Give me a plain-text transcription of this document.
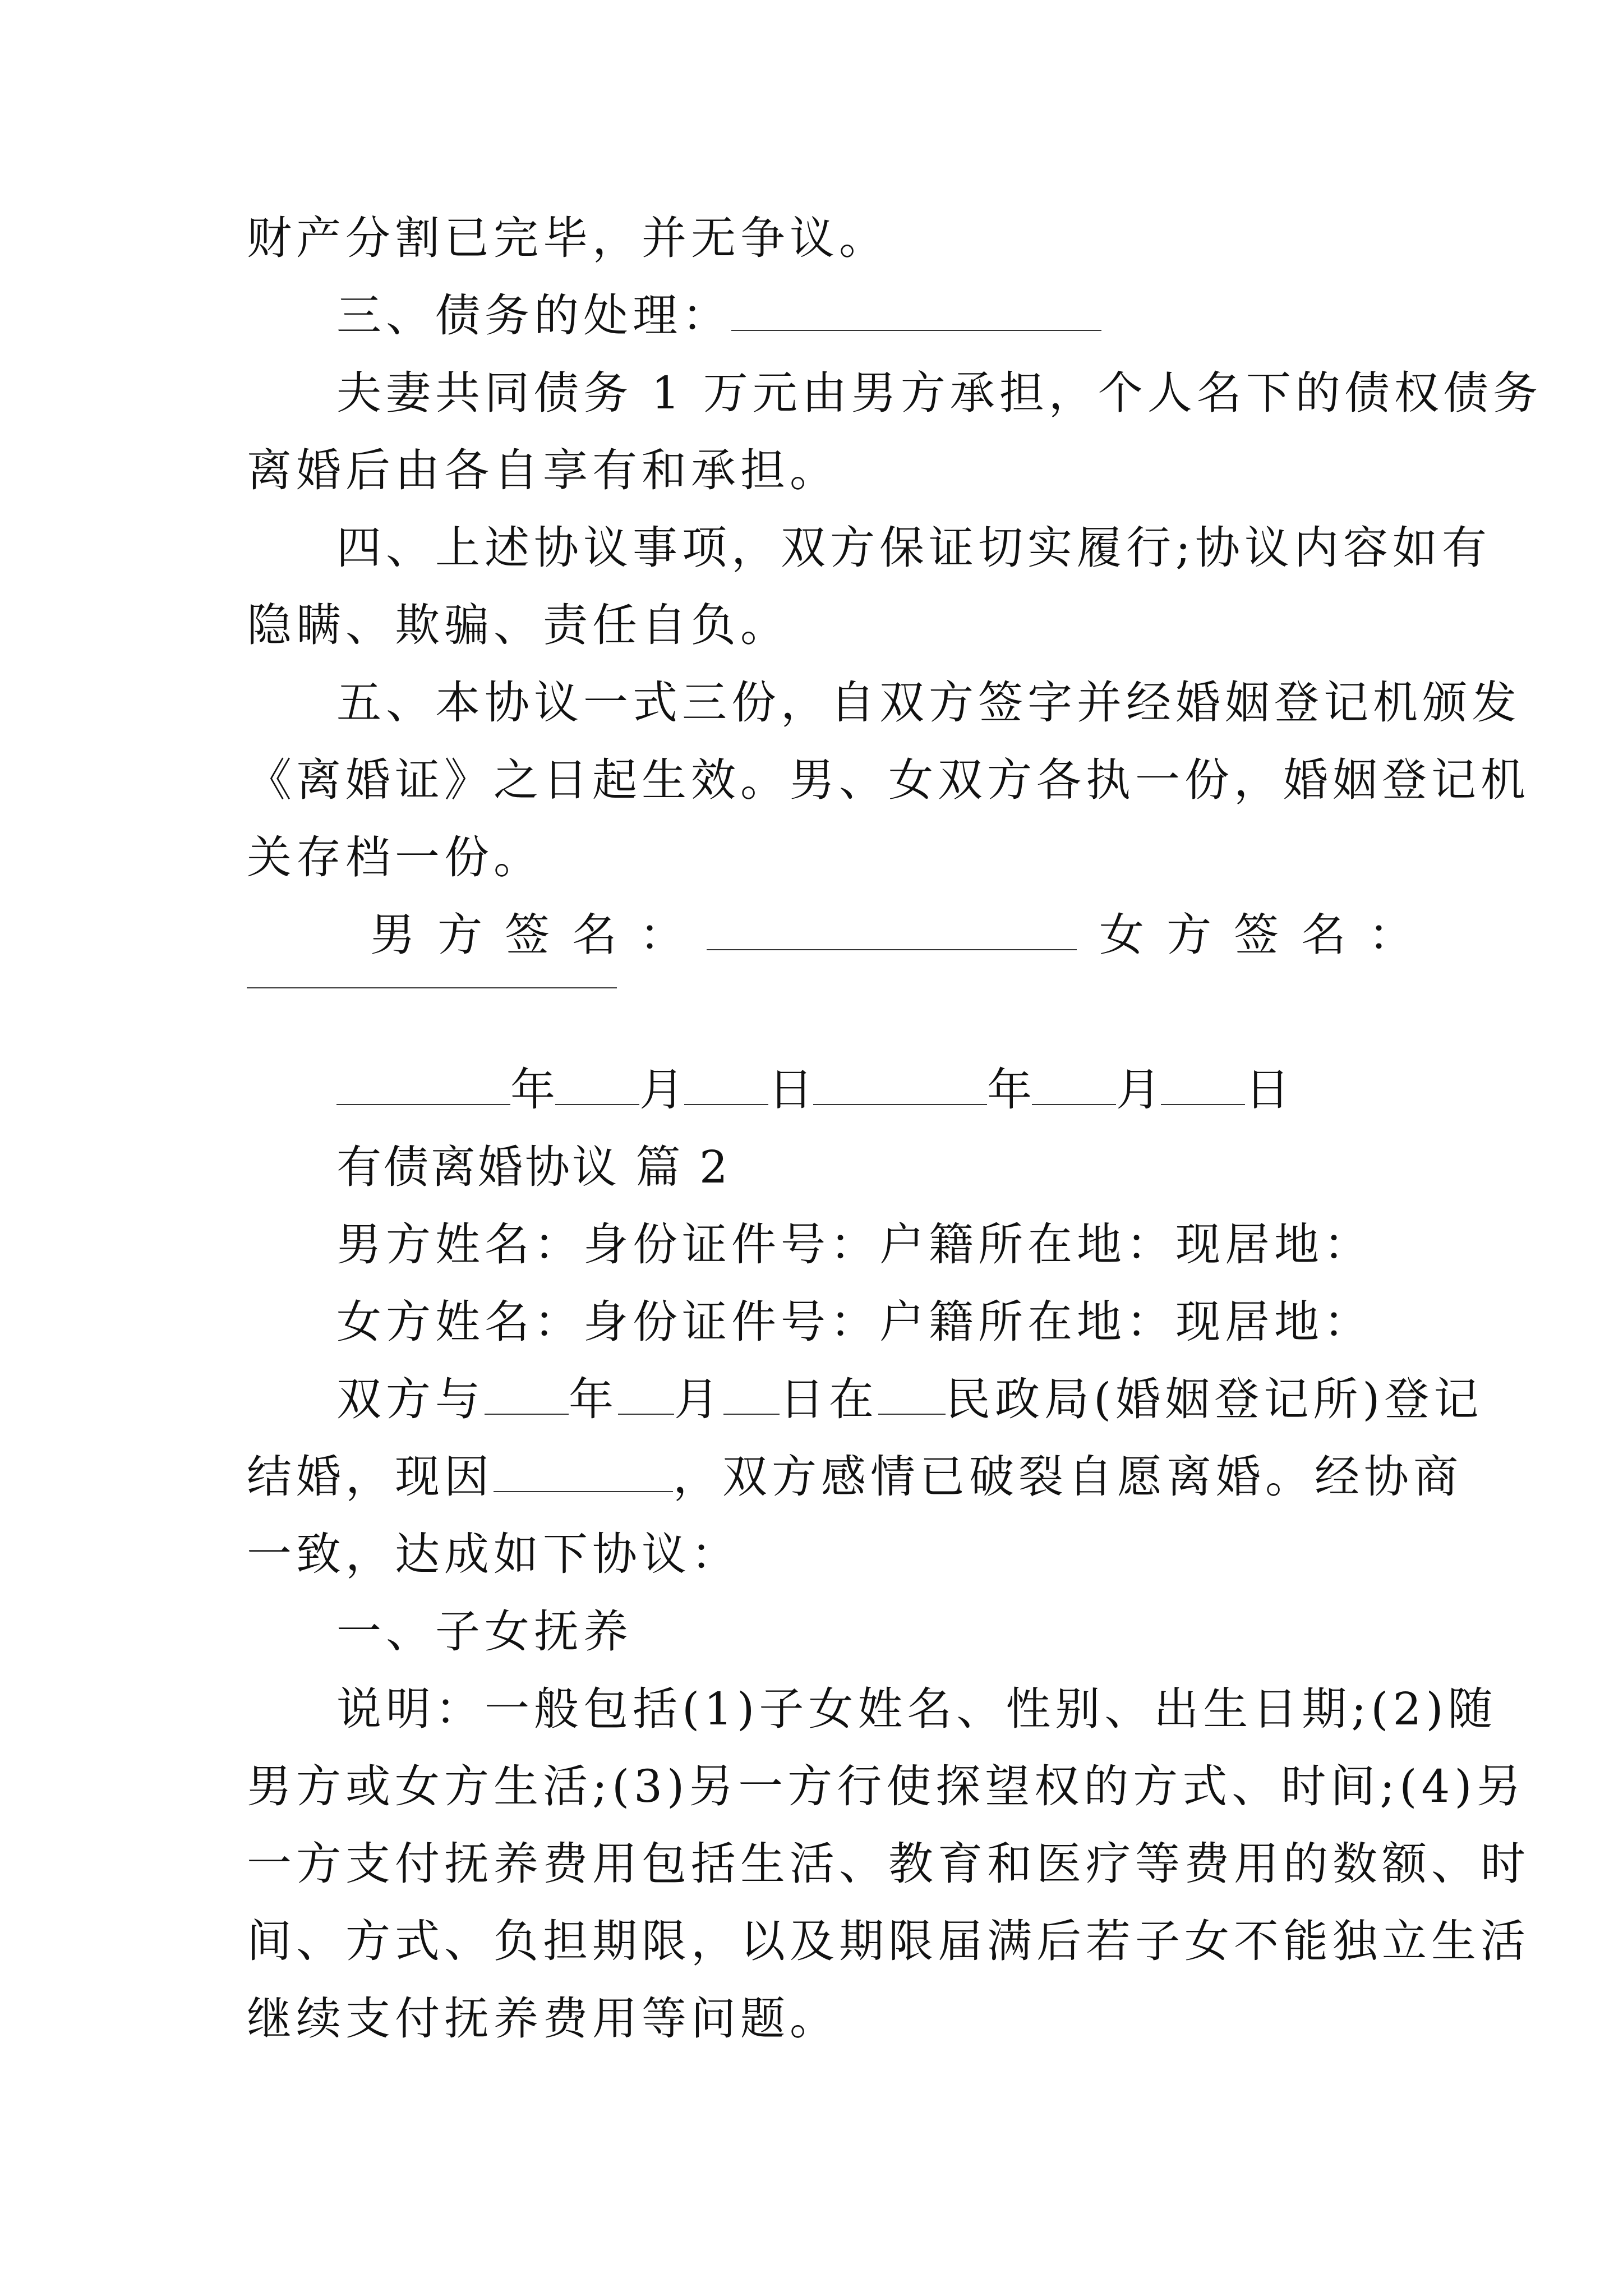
财产分割已完毕，并无争议。
三、债务的处理：
夫妻共同债务 1 万元由男方承担，个人名下的债权债务
离婚后由各自享有和承担。
四、上述协议事项，双方保证切实履行;协议内容如有
隐瞒、欺骗、责任自负。
五、本协议一式三份，自双方签字并经婚姻登记机颁发
《离婚证》之日起生效。男、女双方各执一份，婚姻登记机
关存档一份。
男方签名：	女方签名：
年 月 日	年 月 日
有债离婚协议 篇 2
男方姓名：身份证件号：户籍所在地：现居地：
女方姓名：身份证件号：户籍所在地：现居地：
双方与 年 月 日在 民政局(婚姻登记所)登记
结婚，现因	，双方感情已破裂自愿离婚。经协商
一致，达成如下协议：
一、子女抚养
说明：一般包括(1)子女姓名、性别、出生日期;(2)随
男方或女方生活;(3)另一方行使探望权的方式、时间;(4)另
一方支付抚养费用包括生活、教育和医疗等费用的数额、时
间、方式、负担期限，以及期限届满后若子女不能独立生活
继续支付抚养费用等问题。
